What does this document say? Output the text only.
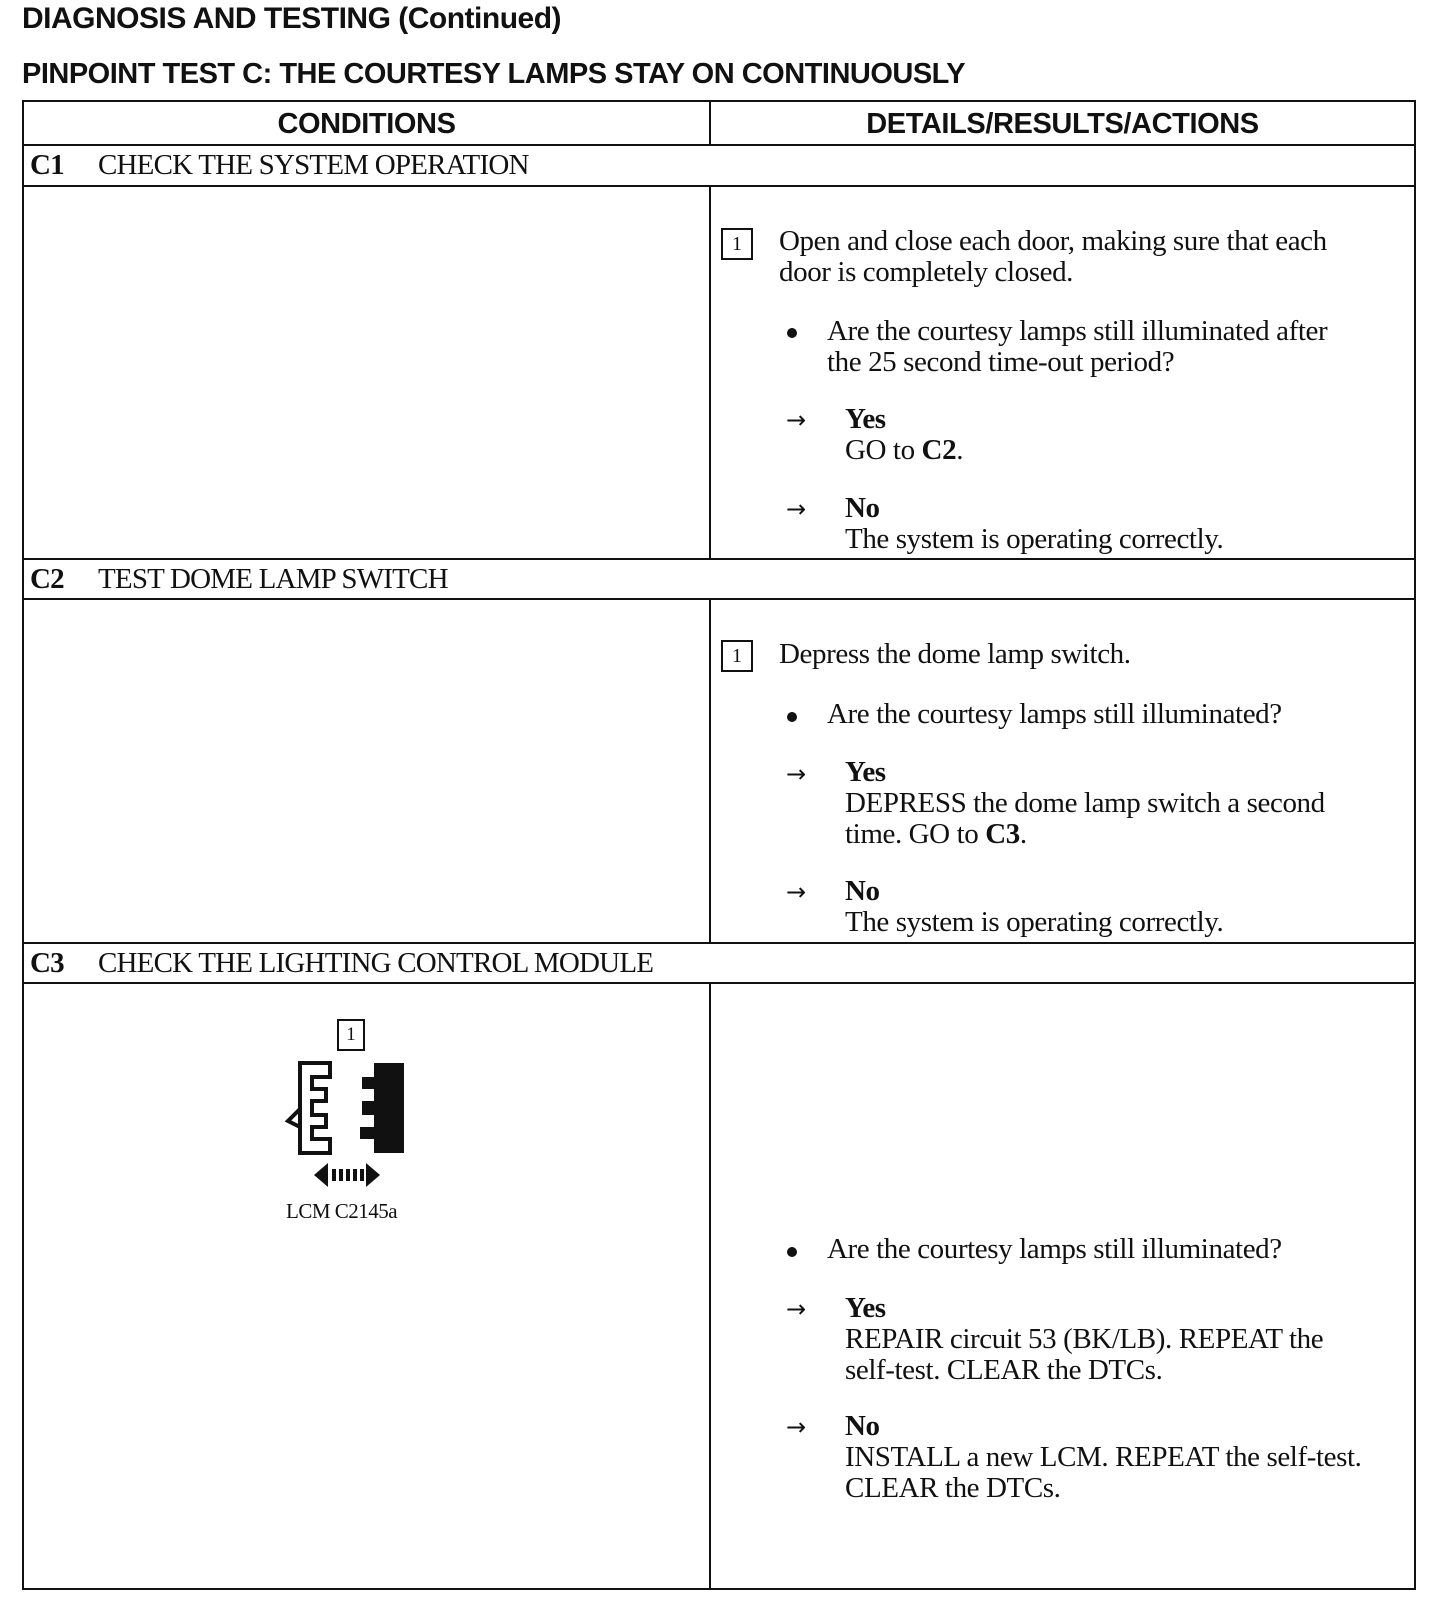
DIAGNOSIS AND TESTING (Continued)
PINPOINT TEST C: THE COURTESY LAMPS STAY ON CONTINUOUSLY
CONDITIONS	DETAILS/RESULTS/ACTIONS
C1 CHECK THE SYSTEM OPERATION
1	Open and close each door, making sure that each
door is completely closed.
Are the courtesy lamps still illuminated after
the 25 second time-out period?
→ Yes
GO to C2.
→ No
The system is operating correctly.
C2 TEST DOME LAMP SWITCH
1	Depress the dome lamp switch.
Are the courtesy lamps still illuminated?
→ Yes
DEPRESS the dome lamp switch a second
time. GO to C3.
→ No
The system is operating correctly.
C3 CHECK THE LIGHTING CONTROL MODULE
1
LCM C2145a
Are the courtesy lamps still illuminated?
→ Yes
REPAIR circuit 53 (BK/LB). REPEAT the
self-test. CLEAR the DTCs.
→ No
INSTALL a new LCM. REPEAT the self-test.
CLEAR the DTCs.
